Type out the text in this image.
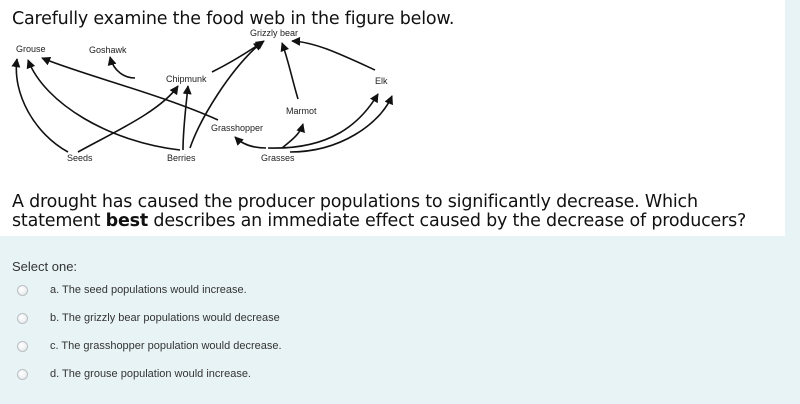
Carefully examine the food web in the figure below.

Grizzly bear
Grouse	Goshawk
Chipmunk	Elk
Marmot
Grasshopper
Seeds	Berries	Grasses

A drought has caused the producer populations to significantly decrease. Which

statement best describes an immediate effect caused by the decrease of producers?

Select one:

a. The seed populations would increase.
b. The grizzly bear populations would decrease
c. The grasshopper population would decrease.
d. The grouse population would increase.
